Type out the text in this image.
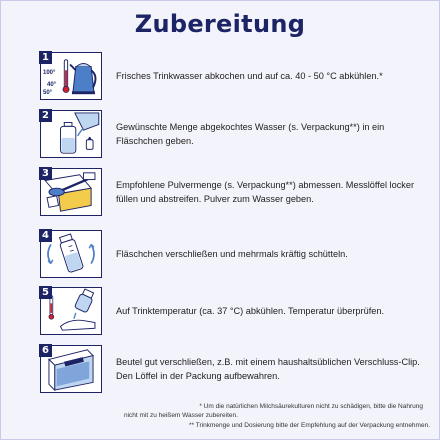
Zubereitung
100°
40°
50°
1
Frisches Trinkwasser abkochen und auf ca. 40 - 50 °C abkühlen.*
2
Gewünschte Menge abgekochtes Wasser (s. Verpackung**) in ein Fläschchen geben.
3
Empfohlene Pulvermenge (s. Verpackung**) abmessen. Messlöffel locker füllen und abstreifen. Pulver zum Wasser geben.
4
Fläschchen verschließen und mehrmals kräftig schütteln.
5
Auf Trinktemperatur (ca. 37 °C) abkühlen. Temperatur überprüfen.
6
Beutel gut verschließen, z.B. mit einem haushaltsüblichen Verschluss-Clip. Den Löffel in der Packung aufbewahren.
* Um die natürlichen Milchsäurekulturen nicht zu schädigen, bitte die Nahrung
nicht mit zu heißem Wasser zubereiten.
** Trinkmenge und Dosierung bitte der Empfehlung auf der Verpackung entnehmen.
